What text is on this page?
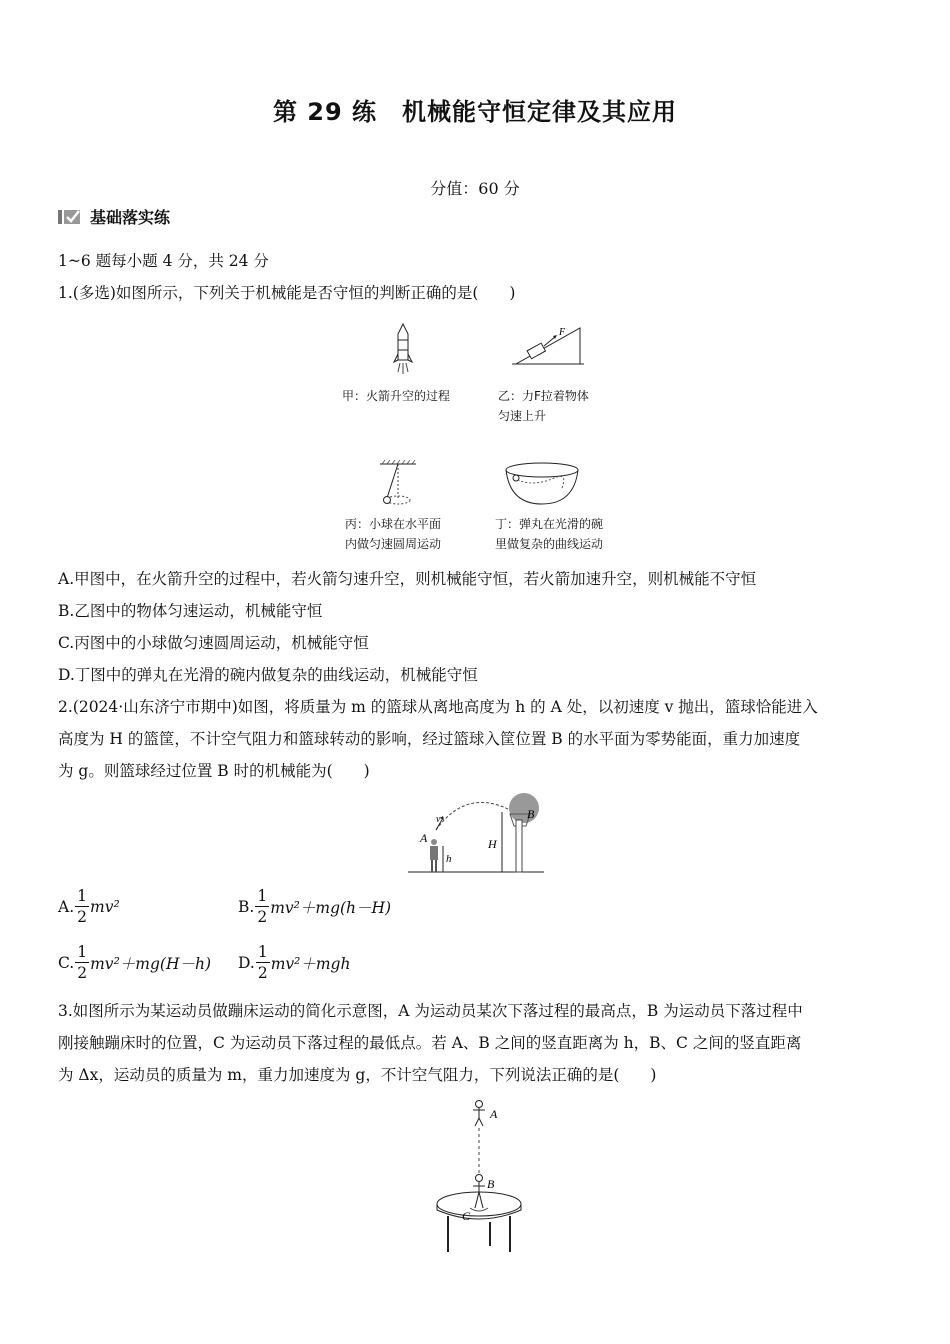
第 29 练　机械能守恒定律及其应用
分值：60 分
基础落实练
1~6 题每小题 4 分，共 24 分
1.(多选)如图所示，下列关于机械能是否守恒的判断正确的是(　　)
甲：火箭升空的过程
F
乙：力F拉着物体
匀速上升
丙：小球在水平面
内做匀速圆周运动
丁：弹丸在光滑的碗
里做复杂的曲线运动
A.甲图中，在火箭升空的过程中，若火箭匀速升空，则机械能守恒，若火箭加速升空，则机械能不守恒
B.乙图中的物体匀速运动，机械能守恒
C.丙图中的小球做匀速圆周运动，机械能守恒
D.丁图中的弹丸在光滑的碗内做复杂的曲线运动，机械能守恒
2.(2024·山东济宁市期中)如图，将质量为 m 的篮球从离地高度为 h 的 A 处，以初速度 v 抛出，篮球恰能进入
高度为 H 的篮筐，不计空气阻力和篮球转动的影响，经过篮球入筐位置 B 的水平面为零势能面，重力加速度
为 g。则篮球经过位置 B 时的机械能为(　　)
v
A
h
B
H
A. $\frac{1}{2} mv^2$	B. $\frac{1}{2} mv^2+mg(h-H)$
C. $\frac{1}{2} mv^2+mg(H-h)$ D. $\frac{1}{2} mv^2+mgh$
3.如图所示为某运动员做蹦床运动的简化示意图，A 为运动员某次下落过程的最高点，B 为运动员下落过程中
刚接触蹦床时的位置，C 为运动员下落过程的最低点。若 A、B 之间的竖直距离为 h，B、C 之间的竖直距离
为 Δx，运动员的质量为 m，重力加速度为 g，不计空气阻力，下列说法正确的是(　　)
A
B
C
